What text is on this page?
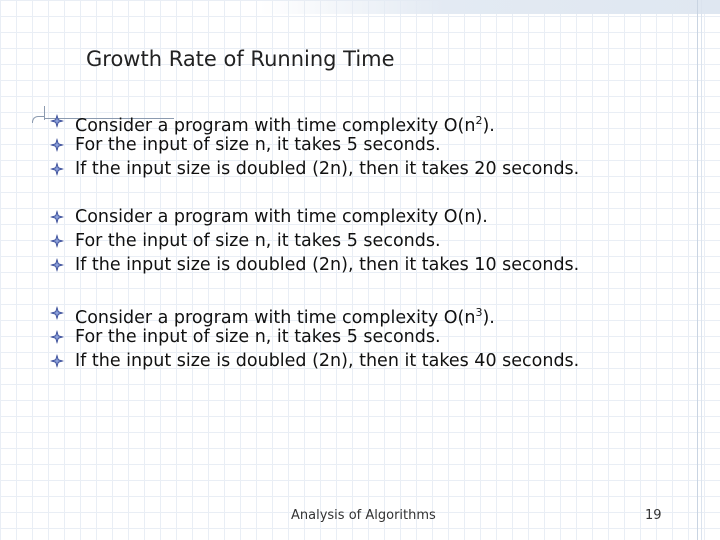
Growth Rate of Running Time
Consider a program with time complexity $O(n^2)$.
For the input of size n, it takes 5 seconds.
If the input size is doubled (2n), then it takes 20 seconds.
Consider a program with time complexity O(n).
For the input of size n, it takes 5 seconds.
If the input size is doubled (2n), then it takes 10 seconds.
Consider a program with time complexity $O(n^3)$.
For the input of size n, it takes 5 seconds.
If the input size is doubled (2n), then it takes 40 seconds.
Analysis of Algorithms	19
